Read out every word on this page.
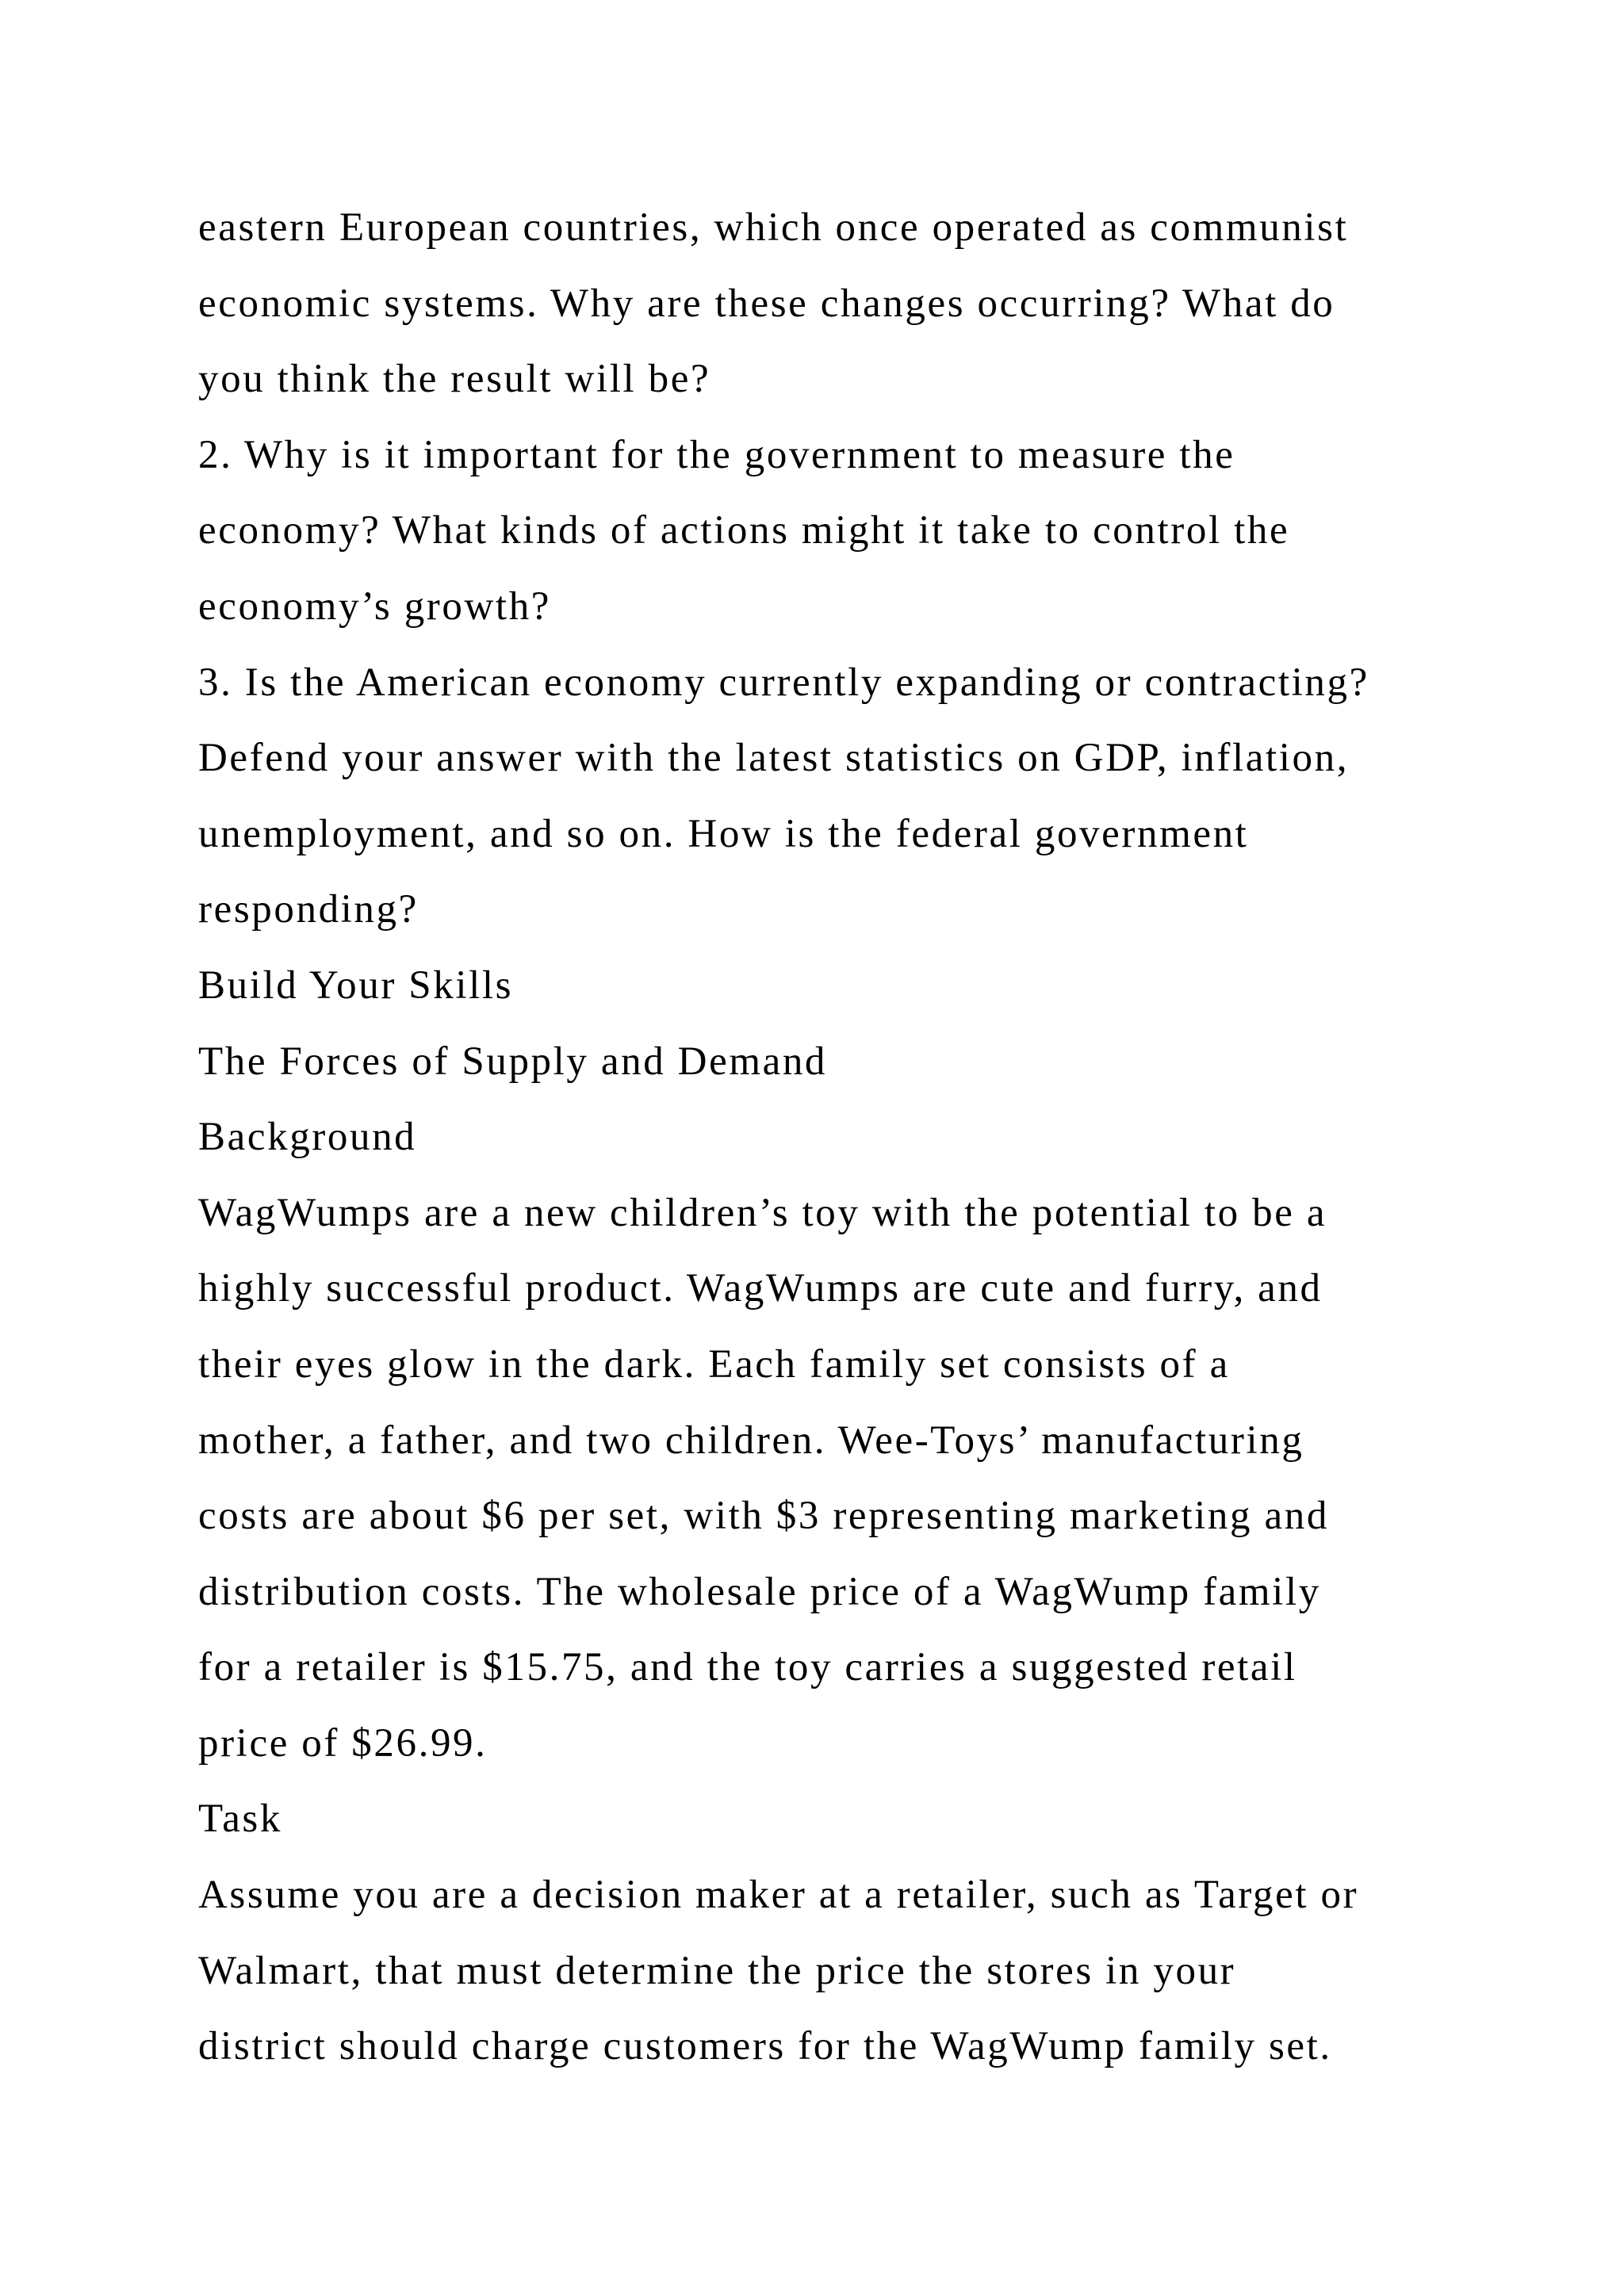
eastern European countries, which once operated as communist
economic systems. Why are these changes occurring? What do
you think the result will be?
2. Why is it important for the government to measure the
economy? What kinds of actions might it take to control the
economy’s growth?
3. Is the American economy currently expanding or contracting?
Defend your answer with the latest statistics on GDP, inflation,
unemployment, and so on. How is the federal government
responding?
Build Your Skills
The Forces of Supply and Demand
Background
WagWumps are a new children’s toy with the potential to be a
highly successful product. WagWumps are cute and furry, and
their eyes glow in the dark. Each family set consists of a
mother, a father, and two children. Wee-Toys’ manufacturing
costs are about $6 per set, with $3 representing marketing and
distribution costs. The wholesale price of a WagWump family
for a retailer is $15.75, and the toy carries a suggested retail
price of $26.99.
Task
Assume you are a decision maker at a retailer, such as Target or
Walmart, that must determine the price the stores in your
district should charge customers for the WagWump family set.
